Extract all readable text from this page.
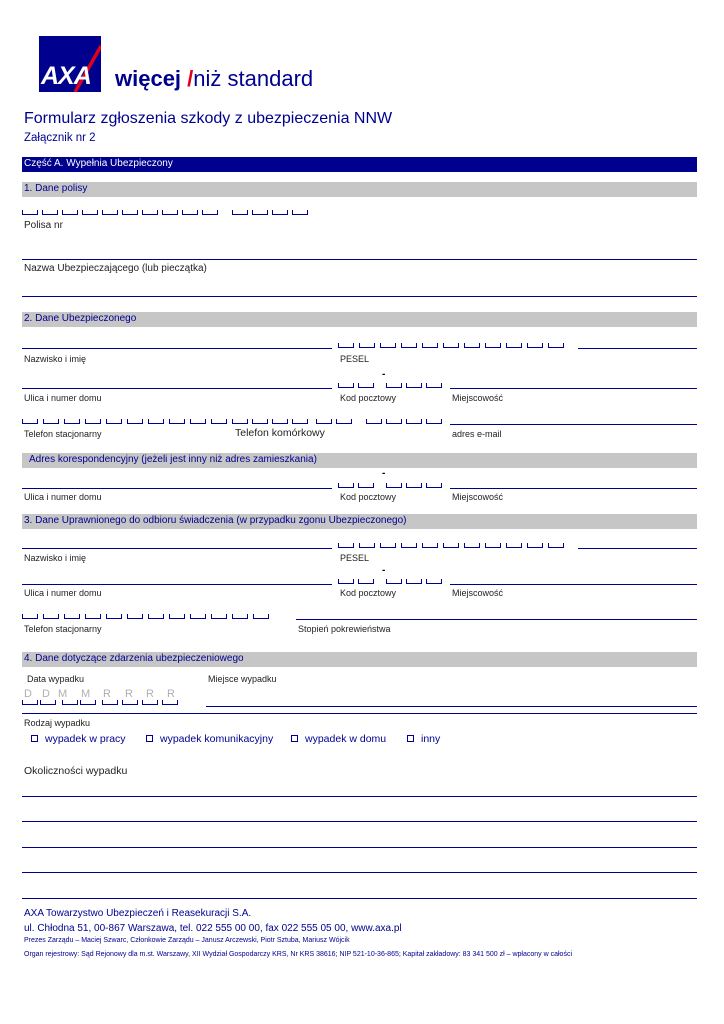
AXA więcej /niż standard
Formularz zgłoszenia szkody z ubezpieczenia NNW
Załącznik nr 2
Część A. Wypełnia Ubezpieczony
1. Dane polisy
Polisa nr
Nazwa Ubezpieczającego (lub pieczątka)
2. Dane Ubezpieczonego
Nazwisko i imię	PESEL
-
Ulica i numer domu	Kod pocztowy	Miejscowość
Telefon stacjonarny	Telefon komórkowy	adres e-mail
Adres korespondencyjny (jeżeli jest inny niż adres zamieszkania)
-
Ulica i numer domu	Kod pocztowy	Miejscowość
3. Dane Uprawnionego do odbioru świadczenia (w przypadku zgonu Ubezpieczonego)
Nazwisko i imię	PESEL
-
Ulica i numer domu	Kod pocztowy	Miejscowość
Telefon stacjonarny	Stopień pokrewieństwa
4. Dane dotyczące zdarzenia ubezpieczeniowego
Data wypadku	Miejsce wypadku
D D M M R R R R
Rodzaj wypadku
wypadek w pracy	wypadek komunikacyjny	wypadek w domu	inny
Okoliczności wypadku
AXA Towarzystwo Ubezpieczeń i Reasekuracji S.A.
ul. Chłodna 51, 00-867 Warszawa, tel. 022 555 00 00, fax 022 555 05 00, www.axa.pl
Prezes Zarządu – Maciej Szwarc, Członkowie Zarządu – Janusz Arczewski, Piotr Sztuba, Mariusz Wójcik
Organ rejestrowy: Sąd Rejonowy dla m.st. Warszawy, XII Wydział Gospodarczy KRS, Nr KRS 38616; NIP 521-10-36-865; Kapitał zakładowy: 83 341 500 zł – wpłacony w całości
